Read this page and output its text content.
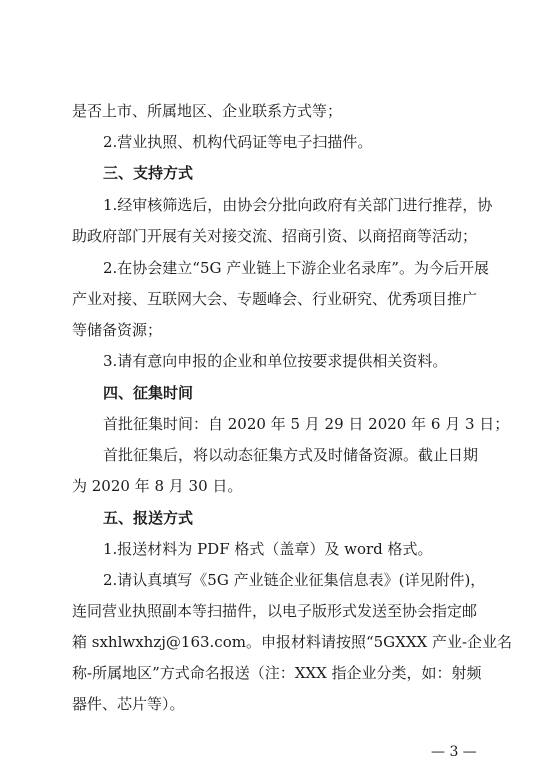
是否上市、所属地区、企业联系方式等；
2.营业执照、机构代码证等电子扫描件。
三、支持方式
1.经审核筛选后，由协会分批向政府有关部门进行推荐，协
助政府部门开展有关对接交流、招商引资、以商招商等活动；
2.在协会建立“5G 产业链上下游企业名录库”。为今后开展
产业对接、互联网大会、专题峰会、行业研究、优秀项目推广
等储备资源；
3.请有意向申报的企业和单位按要求提供相关资料。
四、征集时间
首批征集时间：自 2020 年 5 月 29 日 2020 年 6 月 3 日；
首批征集后，将以动态征集方式及时储备资源。截止日期
为 2020 年 8 月 30 日。
五、报送方式
1.报送材料为 PDF 格式（盖章）及 word 格式。
2.请认真填写《5G 产业链企业征集信息表》(详见附件)，
连同营业执照副本等扫描件，以电子版形式发送至协会指定邮
箱 sxhlwxhzj@163.com。申报材料请按照“5GXXX 产业-企业名
称-所属地区”方式命名报送（注：XXX 指企业分类，如：射频
器件、芯片等）。
— 3 —
